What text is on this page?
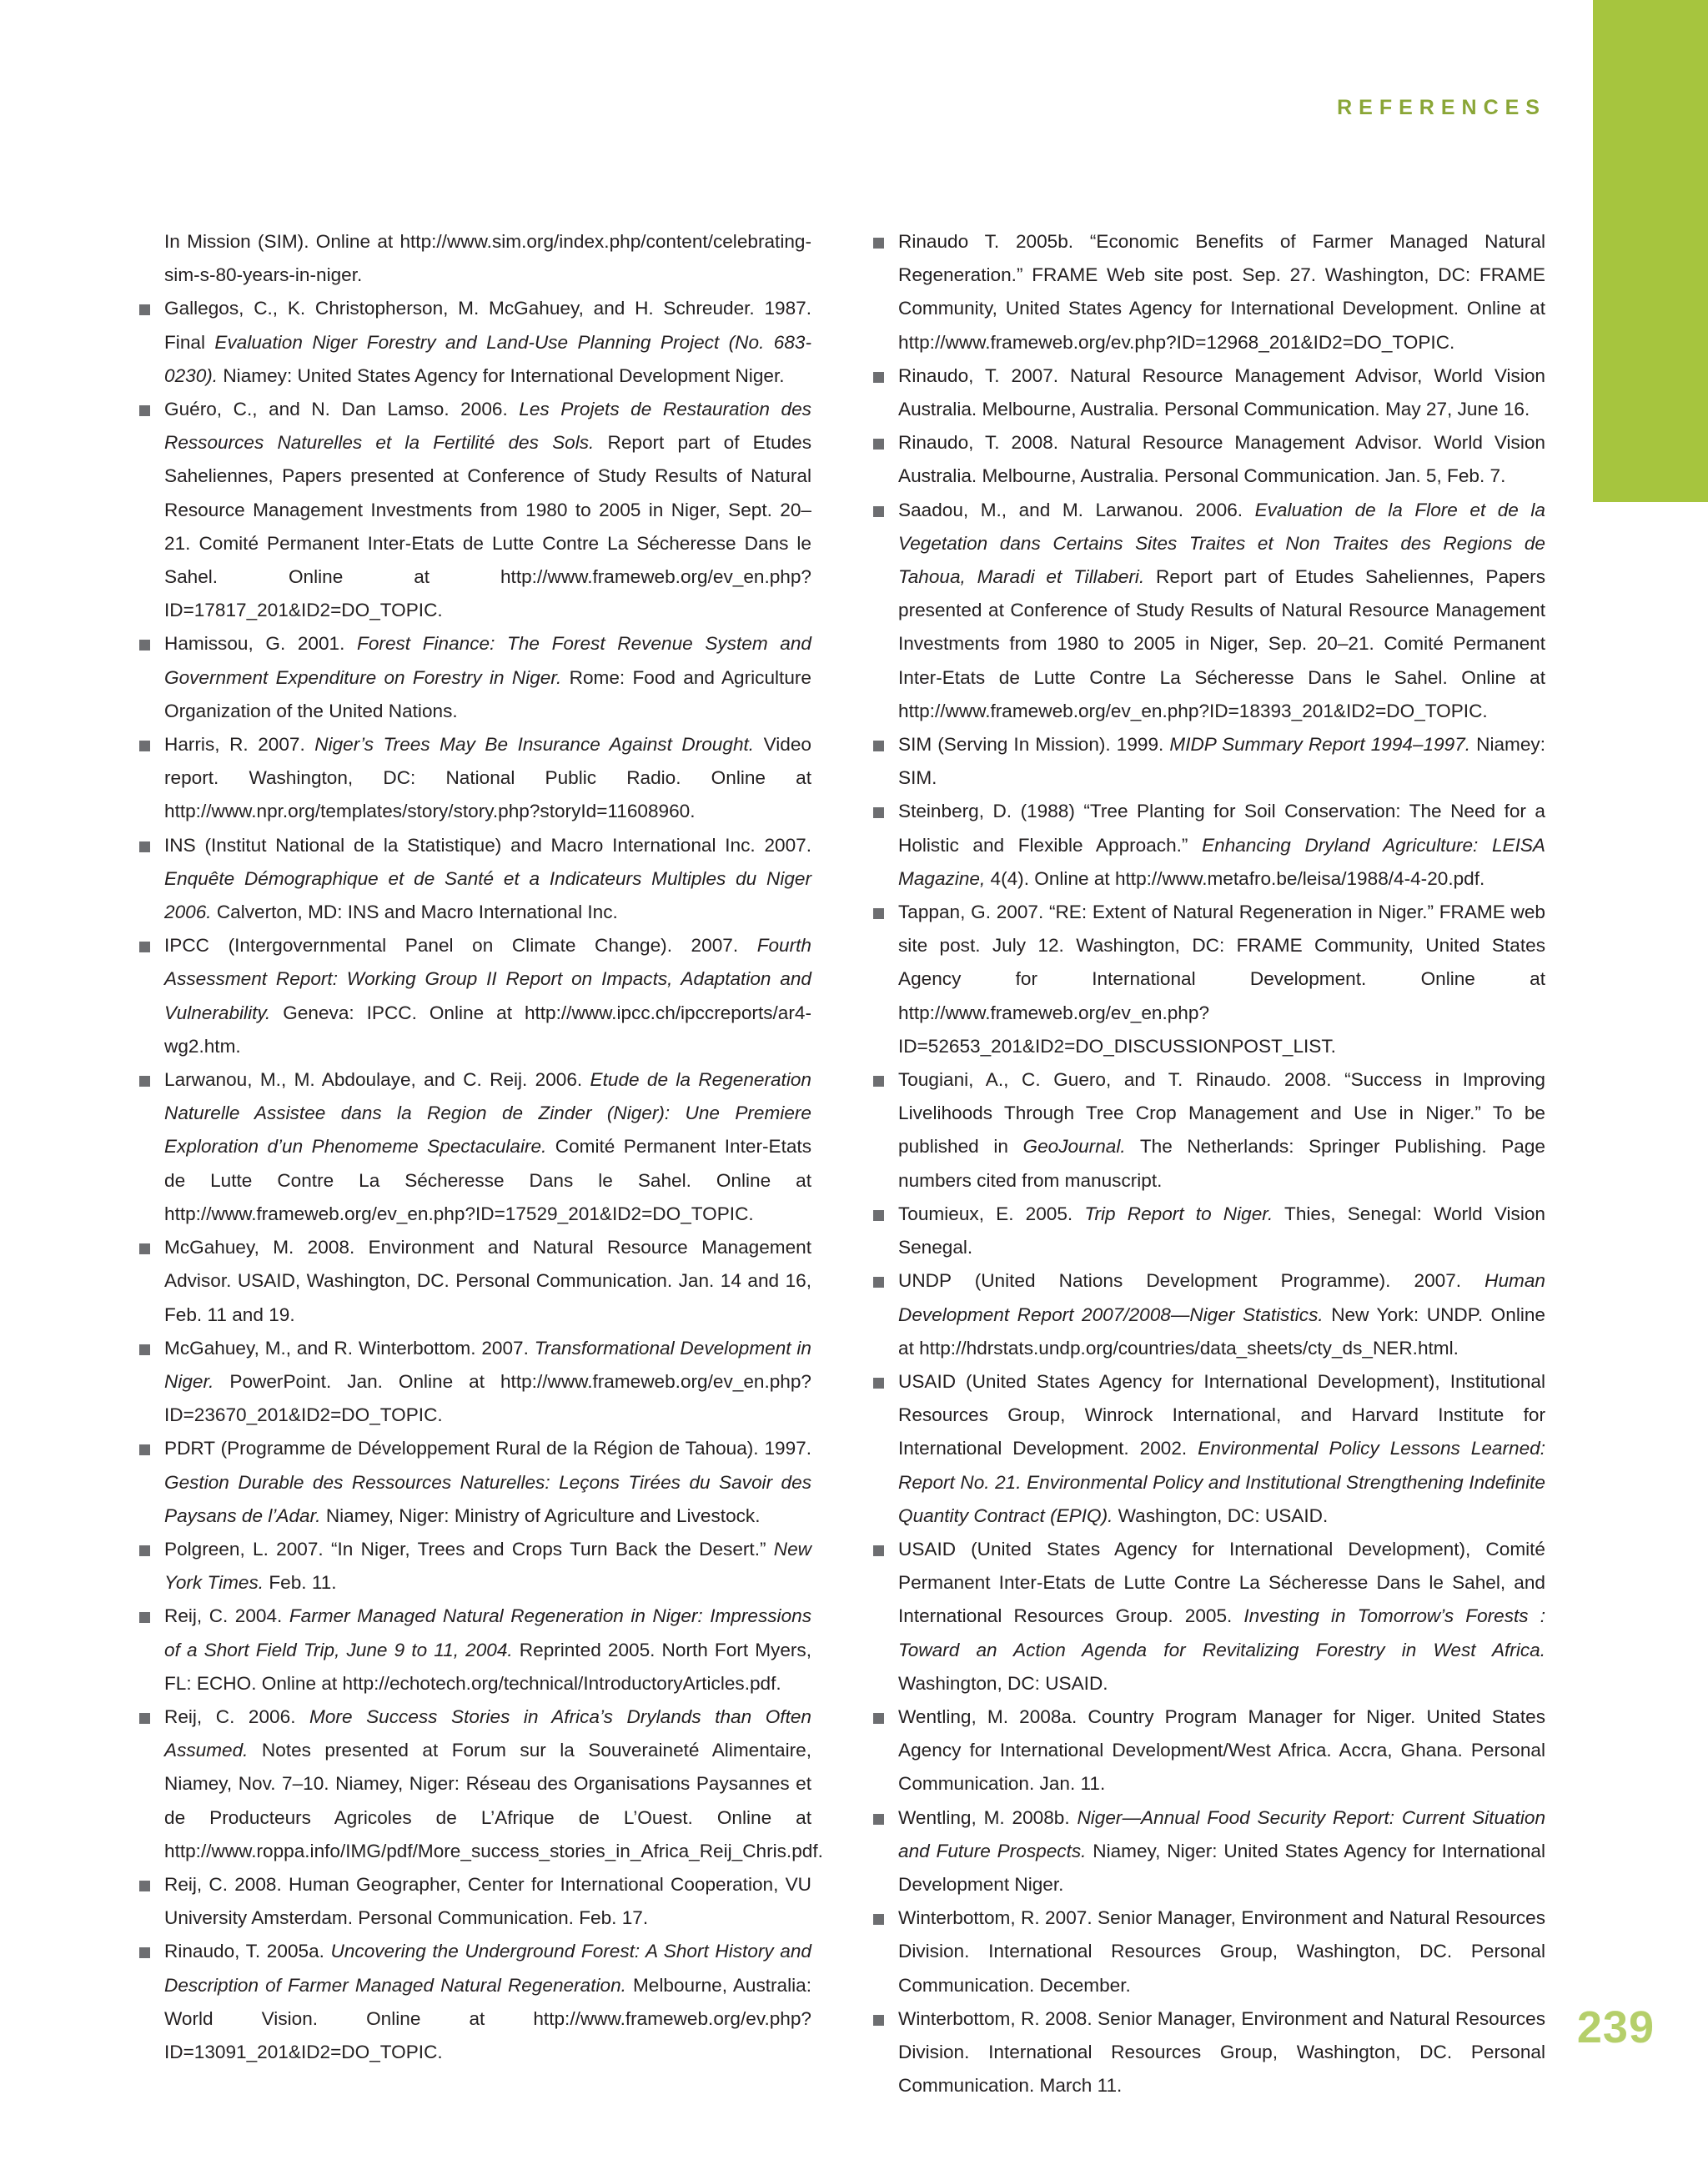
REFERENCES

In Mission (SIM). Online at http://www.sim.org/index.php/content/celebrating-sim-s-80-years-in-niger.

Gallegos, C., K. Christopherson, M. McGahuey, and H. Schreuder. 1987. Final Evaluation Niger Forestry and Land-Use Planning Project (No. 683-0230). Niamey: United States Agency for International Development Niger.

Guéro, C., and N. Dan Lamso. 2006. Les Projets de Restauration des Ressources Naturelles et la Fertilité des Sols. Report part of Etudes Saheliennes, Papers presented at Conference of Study Results of Natural Resource Management Investments from 1980 to 2005 in Niger, Sept. 20–21. Comité Permanent Inter-Etats de Lutte Contre La Sécheresse Dans le Sahel. Online at http://www.frameweb.org/ev_en.php?ID=17817_201&ID2=DO_TOPIC.

Hamissou, G. 2001. Forest Finance: The Forest Revenue System and Government Expenditure on Forestry in Niger. Rome: Food and Agriculture Organization of the United Nations.

Harris, R. 2007. Niger’s Trees May Be Insurance Against Drought. Video report. Washington, DC: National Public Radio. Online at http://www.npr.org/templates/story/story.php?storyId=11608960.

INS (Institut National de la Statistique) and Macro International Inc. 2007. Enquête Démographique et de Santé et a Indicateurs Multiples du Niger 2006. Calverton, MD: INS and Macro International Inc.

IPCC (Intergovernmental Panel on Climate Change). 2007. Fourth Assessment Report: Working Group II Report on Impacts, Adaptation and Vulnerability. Geneva: IPCC. Online at http://www.ipcc.ch/ipccreports/ar4-wg2.htm.

Larwanou, M., M. Abdoulaye, and C. Reij. 2006. Etude de la Regeneration Naturelle Assistee dans la Region de Zinder (Niger): Une Premiere Exploration d’un Phenomeme Spectaculaire. Comité Permanent Inter-Etats de Lutte Contre La Sécheresse Dans le Sahel. Online at http://www.frameweb.org/ev_en.php?ID=17529_201&ID2=DO_TOPIC.

McGahuey, M. 2008. Environment and Natural Resource Management Advisor. USAID, Washington, DC. Personal Communication. Jan. 14 and 16, Feb. 11 and 19.

McGahuey, M., and R. Winterbottom. 2007. Transformational Development in Niger. PowerPoint. Jan. Online at http://www.frameweb.org/ev_en.php?ID=23670_201&ID2=DO_TOPIC.

PDRT (Programme de Développement Rural de la Région de Tahoua). 1997. Gestion Durable des Ressources Naturelles: Leçons Tirées du Savoir des Paysans de l’Adar. Niamey, Niger: Ministry of Agriculture and Livestock.

Polgreen, L. 2007. “In Niger, Trees and Crops Turn Back the Desert.” New York Times. Feb. 11.

Reij, C. 2004. Farmer Managed Natural Regeneration in Niger: Impressions of a Short Field Trip, June 9 to 11, 2004. Reprinted 2005. North Fort Myers, FL: ECHO. Online at http://echotech.org/technical/IntroductoryArticles.pdf.

Reij, C. 2006. More Success Stories in Africa’s Drylands than Often Assumed. Notes presented at Forum sur la Souveraineté Alimentaire, Niamey, Nov. 7–10. Niamey, Niger: Réseau des Organisations Paysannes et de Producteurs Agricoles de L’Afrique de L’Ouest. Online at http://www.roppa.info/IMG/pdf/More_success_stories_in_Africa_Reij_Chris.pdf.

Reij, C. 2008. Human Geographer, Center for International Cooperation, VU University Amsterdam. Personal Communication. Feb. 17.

Rinaudo, T. 2005a. Uncovering the Underground Forest: A Short History and Description of Farmer Managed Natural Regeneration. Melbourne, Australia: World Vision. Online at http://www.frameweb.org/ev.php?ID=13091_201&ID2=DO_TOPIC.

Rinaudo T. 2005b. “Economic Benefits of Farmer Managed Natural Regeneration.” FRAME Web site post. Sep. 27. Washington, DC: FRAME Community, United States Agency for International Development. Online at http://www.frameweb.org/ev.php?ID=12968_201&ID2=DO_TOPIC.

Rinaudo, T. 2007. Natural Resource Management Advisor, World Vision Australia. Melbourne, Australia. Personal Communication. May 27, June 16.

Rinaudo, T. 2008. Natural Resource Management Advisor. World Vision Australia. Melbourne, Australia. Personal Communication. Jan. 5, Feb. 7.

Saadou, M., and M. Larwanou. 2006. Evaluation de la Flore et de la Vegetation dans Certains Sites Traites et Non Traites des Regions de Tahoua, Maradi et Tillaberi. Report part of Etudes Saheliennes, Papers presented at Conference of Study Results of Natural Resource Management Investments from 1980 to 2005 in Niger, Sep. 20–21. Comité Permanent Inter-Etats de Lutte Contre La Sécheresse Dans le Sahel. Online at http://www.frameweb.org/ev_en.php?ID=18393_201&ID2=DO_TOPIC.

SIM (Serving In Mission). 1999. MIDP Summary Report 1994–1997. Niamey: SIM.

Steinberg, D. (1988) “Tree Planting for Soil Conservation: The Need for a Holistic and Flexible Approach.” Enhancing Dryland Agriculture: LEISA Magazine, 4(4). Online at http://www.metafro.be/leisa/1988/4-4-20.pdf.

Tappan, G. 2007. “RE: Extent of Natural Regeneration in Niger.” FRAME web site post. July 12. Washington, DC: FRAME Community, United States Agency for International Development. Online at http://www.frameweb.org/ev_en.php?ID=52653_201&ID2=DO_DISCUSSIONPOST_LIST.

Tougiani, A., C. Guero, and T. Rinaudo. 2008. “Success in Improving Livelihoods Through Tree Crop Management and Use in Niger.” To be published in GeoJournal. The Netherlands: Springer Publishing. Page numbers cited from manuscript.

Toumieux, E. 2005. Trip Report to Niger. Thies, Senegal: World Vision Senegal.

UNDP (United Nations Development Programme). 2007. Human Development Report 2007/2008—Niger Statistics. New York: UNDP. Online at http://hdrstats.undp.org/countries/data_sheets/cty_ds_NER.html.

USAID (United States Agency for International Development), Institutional Resources Group, Winrock International, and Harvard Institute for International Development. 2002. Environmental Policy Lessons Learned: Report No. 21. Environmental Policy and Institutional Strengthening Indefinite Quantity Contract (EPIQ). Washington, DC: USAID.

USAID (United States Agency for International Development), Comité Permanent Inter-Etats de Lutte Contre La Sécheresse Dans le Sahel, and International Resources Group. 2005. Investing in Tomorrow’s Forests : Toward an Action Agenda for Revitalizing Forestry in West Africa. Washington, DC: USAID.

Wentling, M. 2008a. Country Program Manager for Niger. United States Agency for International Development/West Africa. Accra, Ghana. Personal Communication. Jan. 11.

Wentling, M. 2008b. Niger—Annual Food Security Report: Current Situation and Future Prospects. Niamey, Niger: United States Agency for International Development Niger.

Winterbottom, R. 2007. Senior Manager, Environment and Natural Resources Division. International Resources Group, Washington, DC. Personal Communication. December.

Winterbottom, R. 2008. Senior Manager, Environment and Natural Resources Division. International Resources Group, Washington, DC. Personal Communication. March 11.

239
